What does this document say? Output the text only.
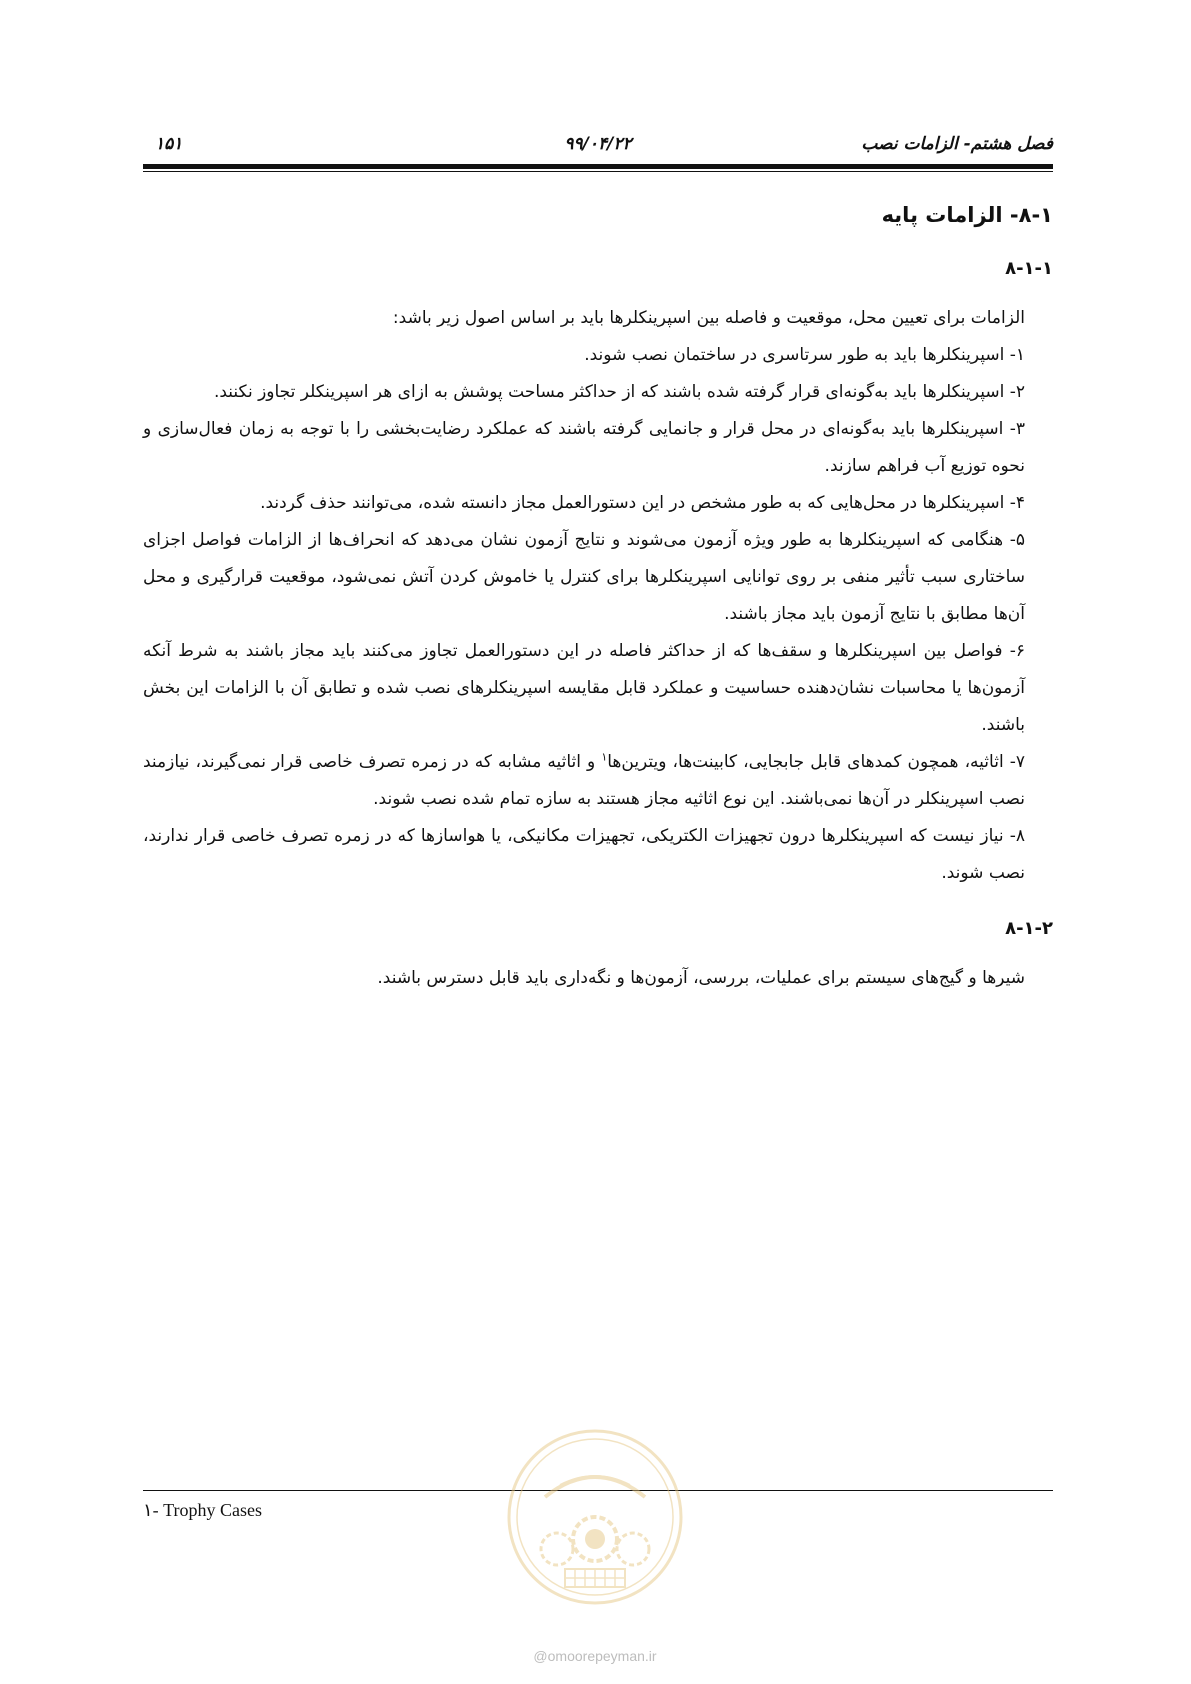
فصل هشتم- الزامات نصب
۹۹/۰۴/۲۲
۱۵۱
۸-۱- الزامات پایه
۸-۱-۱

الزامات برای تعیین محل، موقعیت و فاصله بین اسپرینکلرها باید بر اساس اصول زیر باشد:

۱- اسپرینکلرها باید به طور سرتاسری در ساختمان نصب شوند.

۲- اسپرینکلرها باید به‌گونه‌ای قرار گرفته شده باشند که از حداکثر مساحت پوشش به ازای هر اسپرینکلر تجاوز نکنند.

۳- اسپرینکلرها باید به‌گونه‌ای در محل قرار و جانمایی گرفته باشند که عملکرد رضایت‌بخشی را با توجه به زمان فعال‌سازی و نحوه توزیع آب فراهم سازند.

۴- اسپرینکلرها در محل‌هایی که به طور مشخص در این دستورالعمل مجاز دانسته شده، می‌توانند حذف گردند.

۵- هنگامی که اسپرینکلرها به طور ویژه آزمون می‌شوند و نتایج آزمون نشان می‌دهد که انحراف‌ها از الزامات فواصل اجزای ساختاری سبب تأثیر منفی بر روی توانایی اسپرینکلرها برای کنترل یا خاموش کردن آتش نمی‌شود، موقعیت قرارگیری و محل آن‌ها مطابق با نتایج آزمون باید مجاز باشند.

۶- فواصل بین اسپرینکلرها و سقف‌ها که از حداکثر فاصله در این دستورالعمل تجاوز می‌کنند باید مجاز باشند به شرط آنکه آزمون‌ها یا محاسبات نشان‌دهنده حساسیت و عملکرد قابل مقایسه اسپرینکلرهای نصب شده و تطابق آن با الزامات این بخش باشند.

۷- اثاثیه، همچون کمدهای قابل جابجایی، کابینت‌ها، ویترین‌ها$^۱$ و اثاثیه مشابه که در زمره تصرف خاصی قرار نمی‌گیرند، نیازمند نصب اسپرینکلر در آن‌ها نمی‌باشند. این نوع اثاثیه مجاز هستند به سازه تمام شده نصب شوند.

۸- نیاز نیست که اسپرینکلرها درون تجهیزات الکتریکی، تجهیزات مکانیکی، یا هواسازها که در زمره تصرف خاصی قرار ندارند، نصب شوند.

۸-۱-۲

شیرها و گیج‌های سیستم برای عملیات، بررسی، آزمون‌ها و نگه‌داری باید قابل دسترس باشند.

۱- Trophy Cases
@omoorepeyman.ir
